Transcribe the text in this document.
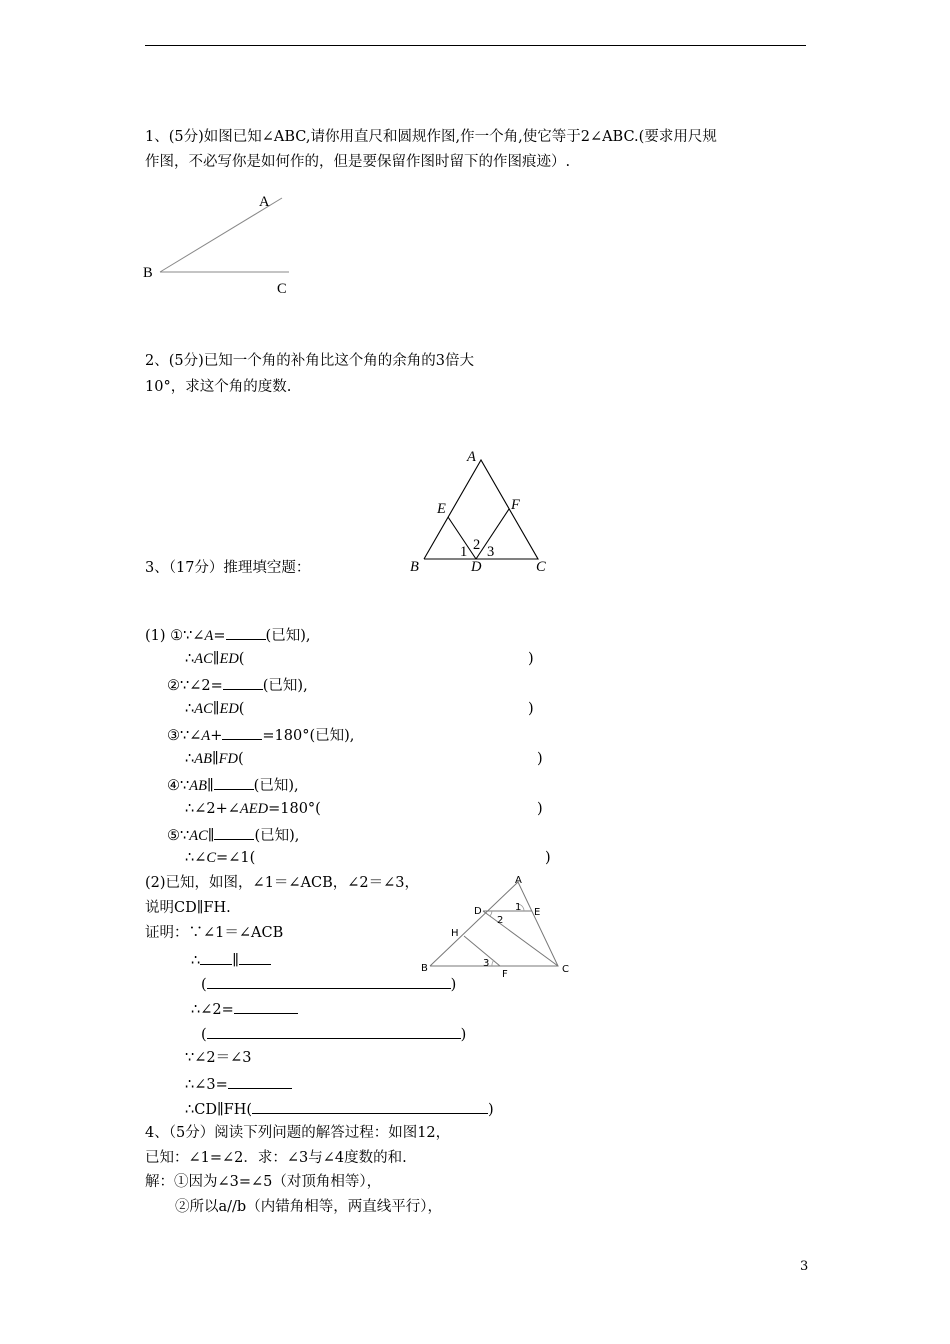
1、(5分)如图已知∠ABC,请你用直尺和圆规作图,作一个角,使它等于2∠ABC.(要求用尺规
作图，不必写你是如何作的，但是要保留作图时留下的作图痕迹）.
A
B
C
2、(5分)已知一个角的补角比这个角的余角的3倍大
10°，求这个角的度数.
A
E	F
2
1 3
B	D	C
3、（17分）推理填空题：
(1) ①∵∠A=	(已知),
∴AC∥ED(	)
②∵∠2=	(已知),
∴AC∥ED(	)
③∵∠A+	=180°(已知),
∴AB∥FD(	)
④∵AB∥	(已知),
∴∠2+∠AED=180°(	)
⑤∵AC∥	(已知),
∴∠C=∠1(	)
A
D	1 E
2
H
3
B	C
F
(2)已知，如图，∠1＝∠ACB，∠2＝∠3，
说明CD∥FH.
证明：∵∠1＝∠ACB
∴ ∥
(	)
∴∠2=
(	)
∵∠2＝∠3
∴∠3=
∴CD∥FH(	)
4、（5分）阅读下列问题的解答过程：如图12，
已知：∠1=∠2．求：∠3与∠4度数的和.
解：①因为∠3=∠5（对顶角相等），
②所以a//b（内错角相等，两直线平行），
3
